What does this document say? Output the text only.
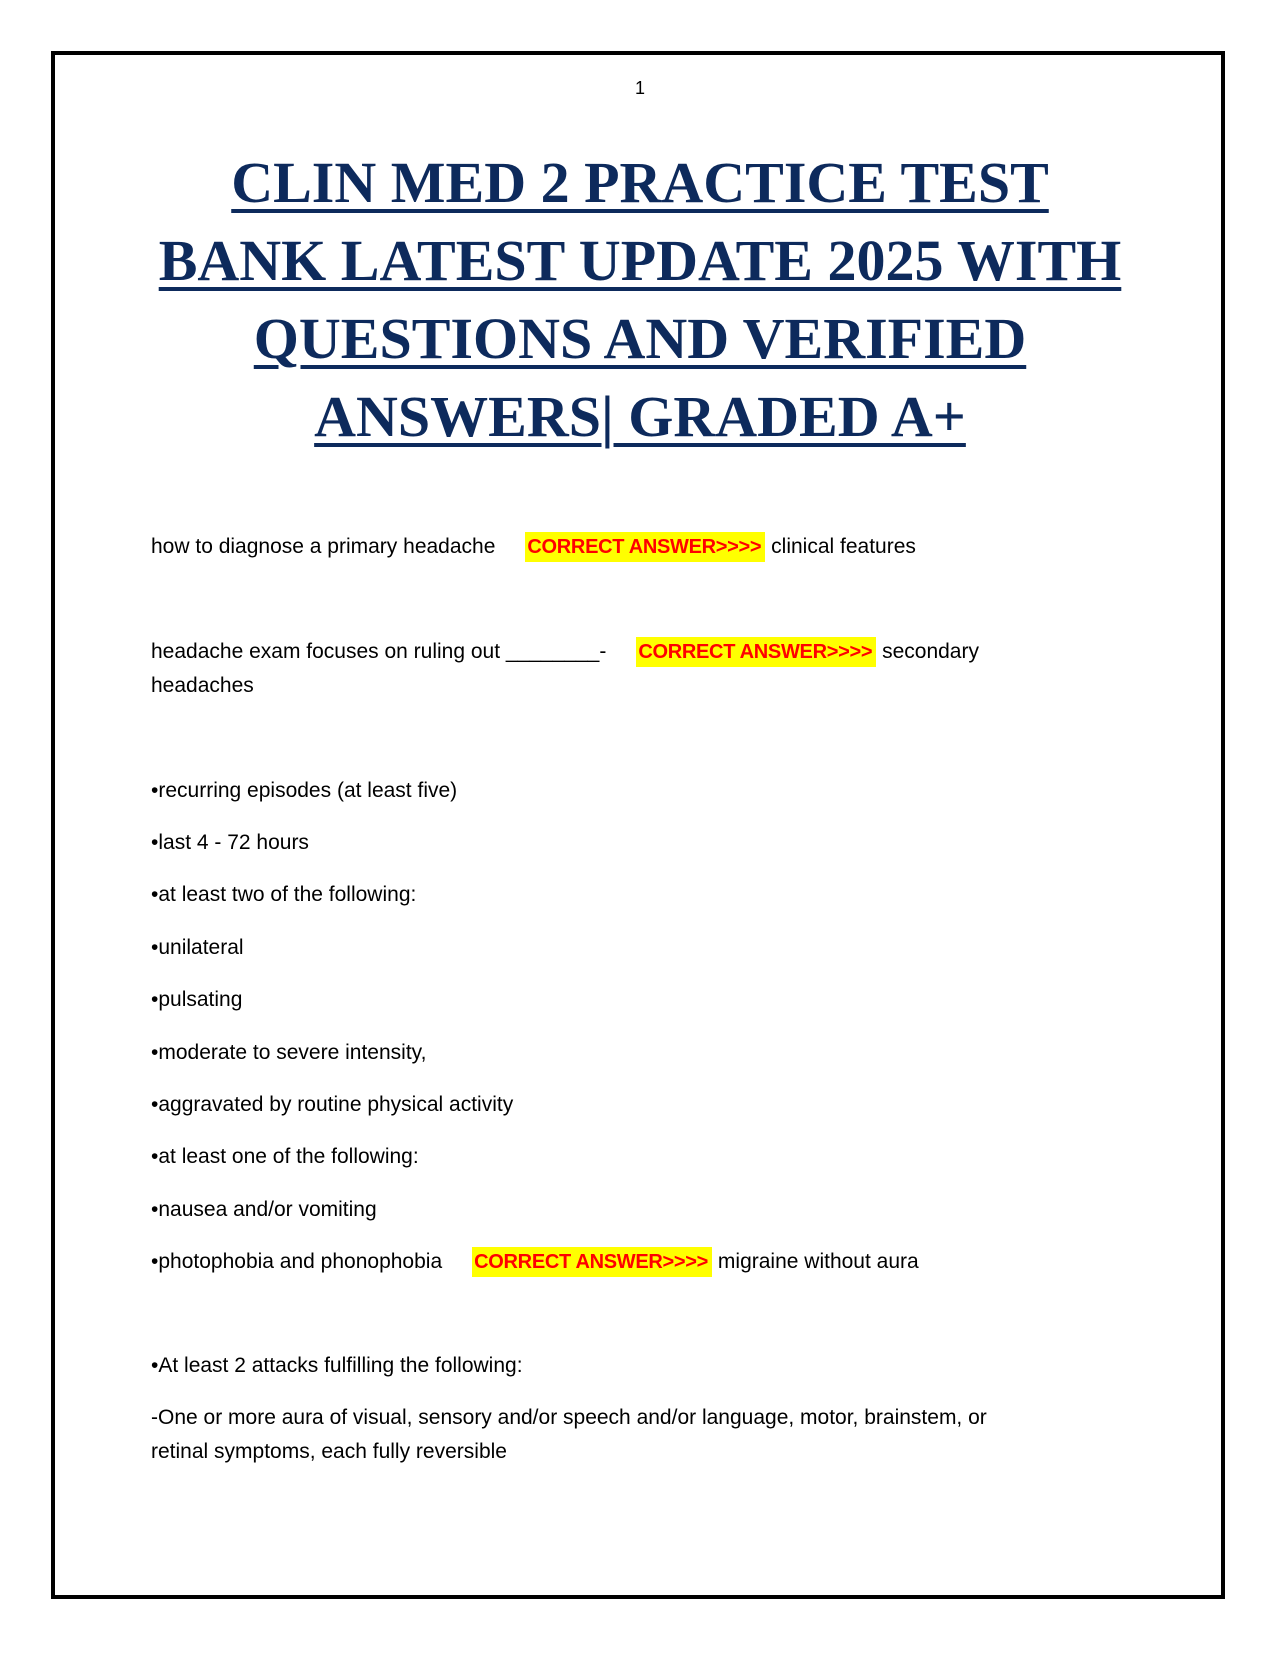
1
CLIN MED 2 PRACTICE TEST
BANK LATEST UPDATE 2025 WITH
QUESTIONS AND VERIFIED
ANSWERS| GRADED A+
how to diagnose a primary headache CORRECT ANSWER>>>> clinical features
headache exam focuses on ruling out ________- CORRECT ANSWER>>>> secondary
headaches
•recurring episodes (at least five)
•last 4 - 72 hours
•at least two of the following:
•unilateral
•pulsating
•moderate to severe intensity,
•aggravated by routine physical activity
•at least one of the following:
•nausea and/or vomiting
•photophobia and phonophobia CORRECT ANSWER>>>> migraine without aura
•At least 2 attacks fulfilling the following:
-One or more aura of visual, sensory and/or speech and/or language, motor, brainstem, or
retinal symptoms, each fully reversible
